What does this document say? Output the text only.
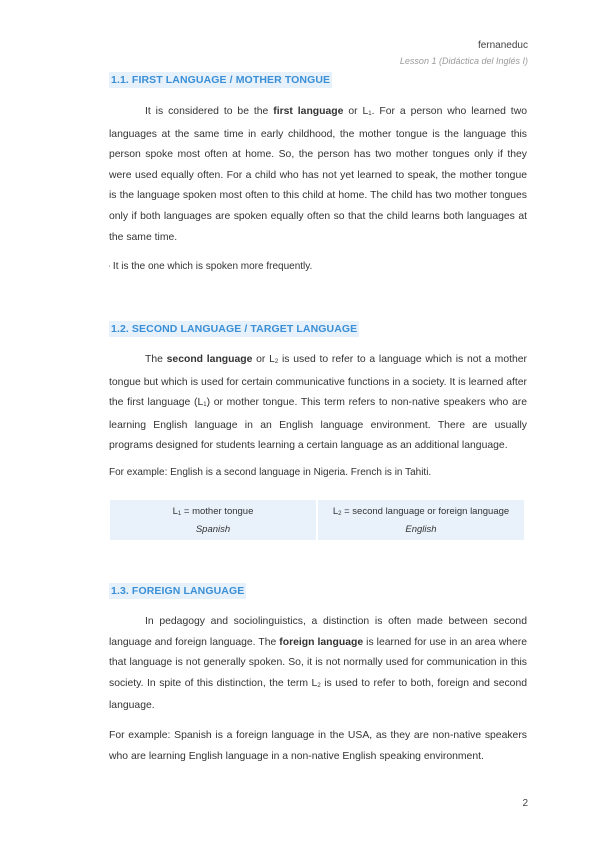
fernaneduc
Lesson 1 (Didáctica del Inglés I)
1.1. FIRST LANGUAGE / MOTHER TONGUE

It is considered to be the first language or L1. For a person who learned two languages at the same time in early childhood, the mother tongue is the language this person spoke most often at home. So, the person has two mother tongues only if they were used equally often. For a child who has not yet learned to speak, the mother tongue is the language spoken most often to this child at home. The child has two mother tongues only if both languages are spoken equally often so that the child learns both languages at the same time.

' It is the one which is spoken more frequently.
1.2. SECOND LANGUAGE / TARGET LANGUAGE

The second language or L2 is used to refer to a language which is not a mother tongue but which is used for certain communicative functions in a society. It is learned after the first language (L1) or mother tongue. This term refers to non-native speakers who are learning English language in an English language environment. There are usually programs designed for students learning a certain language as an additional language.

For example: English is a second language in Nigeria. French is in Tahiti.
L1 = mother tongue
Spanish
L2 = second language or foreign language
English
1.3. FOREIGN LANGUAGE

In pedagogy and sociolinguistics, a distinction is often made between second language and foreign language. The foreign language is learned for use in an area where that language is not generally spoken. So, it is not normally used for communication in this society. In spite of this distinction, the term L2 is used to refer to both, foreign and second language.

For example: Spanish is a foreign language in the USA, as they are non-native speakers who are learning English language in a non-native English speaking environment.

2
